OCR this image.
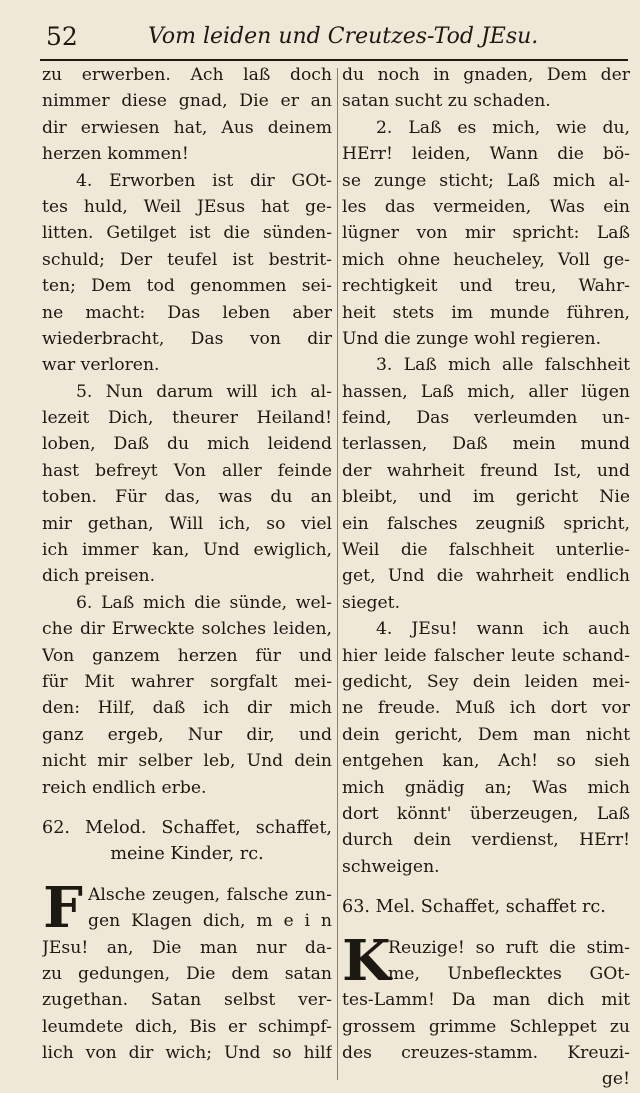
52	Vom leiden und Creutzes-Tod JEsu.
zu erwerben. Ach laß doch
nimmer diese gnad, Die er an
dir erwiesen hat, Aus deinem
herzen kommen!
4. Erworben ist dir GOt-
tes huld, Weil JEsus hat ge-
litten. Getilget ist die sünden-
schuld; Der teufel ist bestrit-
ten; Dem tod genommen sei-
ne macht: Das leben aber
wiederbracht, Das von dir
war verloren.
5. Nun darum will ich al-
lezeit Dich, theurer Heiland!
loben, Daß du mich leidend
hast befreyt Von aller feinde
toben. Für das, was du an
mir gethan, Will ich, so viel
ich immer kan, Und ewiglich,
dich preisen.
6. Laß mich die sünde, wel-
che dir Erweckte solches leiden,
Von ganzem herzen für und
für Mit wahrer sorgfalt mei-
den: Hilf, daß ich dir mich
ganz ergeb, Nur dir, und
nicht mir selber leb, Und dein
reich endlich erbe.
62. Melod. Schaffet, schaffet,
meine Kinder, rc.
F Alsche zeugen, falsche zun-
gen Klagen dich, m e i n
JEsu! an, Die man nur da-
zu gedungen, Die dem satan
zugethan. Satan selbst ver-
leumdete dich, Bis er schimpf-
lich von dir wich; Und so hilf
du noch in gnaden, Dem der
satan sucht zu schaden.
2. Laß es mich, wie du,
HErr! leiden, Wann die bö-
se zunge sticht; Laß mich al-
les das vermeiden, Was ein
lügner von mir spricht: Laß
mich ohne heucheley, Voll ge-
rechtigkeit und treu, Wahr-
heit stets im munde führen,
Und die zunge wohl regieren.
3. Laß mich alle falschheit
hassen, Laß mich, aller lügen
feind, Das verleumden un-
terlassen, Daß mein mund
der wahrheit freund Ist, und
bleibt, und im gericht Nie
ein falsches zeugniß spricht,
Weil die falschheit unterlie-
get, Und die wahrheit endlich
sieget.
4. JEsu! wann ich auch
hier leide falscher leute schand-
gedicht, Sey dein leiden mei-
ne freude. Muß ich dort vor
dein gericht, Dem man nicht
entgehen kan, Ach! so sieh
mich gnädig an; Was mich
dort könnt' überzeugen, Laß
durch dein verdienst, HErr!
schweigen.
63. Mel. Schaffet, schaffet rc.
K
Reuzige! so ruft die stim-
me, Unbeflecktes GOt-
tes-Lamm! Da man dich mit
grossem grimme Schleppet zu
des creuzes-stamm. Kreuzi-
ge!
